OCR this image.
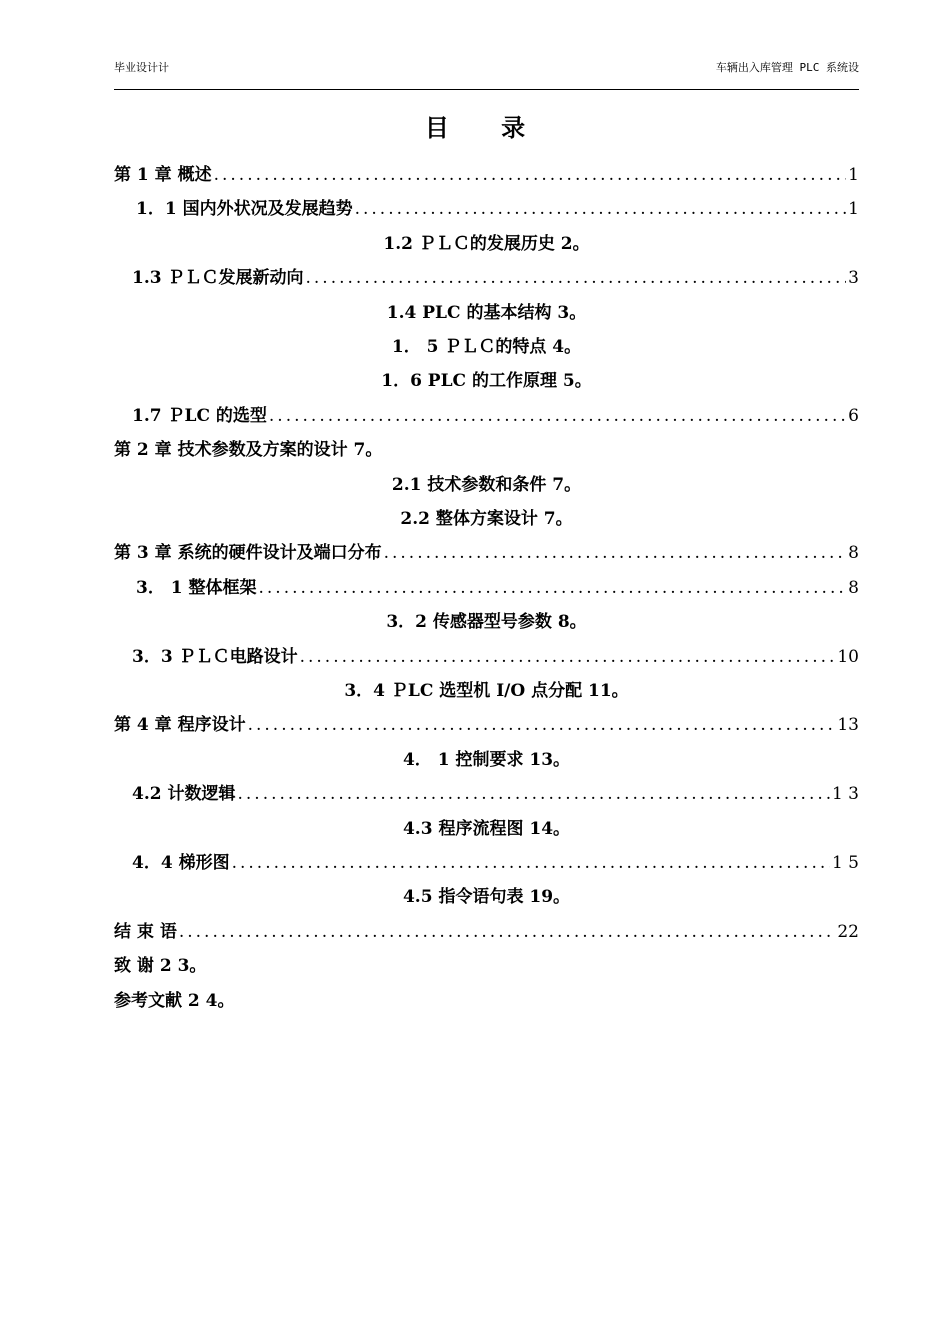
毕业设计计	车辆出入库管理 PLC 系统设
目 录
第 1 章 概述 .....	1
1．1 国内外状况及发展趋势 .....	1
1.2 ＰＬＣ的发展历史 2。
1.3 ＰＬＣ发展新动向 .....	3
1.4 PLC 的基本结构 3。
1． 5 ＰＬＣ的特点 4。
1．6 PLC 的工作原理 5。
1.7 ＰLC 的选型 .....	6
第 2 章 技术参数及方案的设计 7。
2.1 技术参数和条件 7。
2.2 整体方案设计 7。
第 3 章 系统的硬件设计及端口分布 .....	8
3． 1 整体框架 .....	8
3．2 传感器型号参数 8。
3．3 ＰＬＣ电路设计 .....	10
3．4 ＰLC 选型机 I/O 点分配 11。
第 4 章 程序设计 .....	13
4． 1 控制要求 13。
4.2 计数逻辑 .....	1 3
4.3 程序流程图 14。
4．4 梯形图 .....	1 5
4.5 指令语句表 19。
结 束 语 .....	22
致 谢 2 3。
参考文献 2 4。
